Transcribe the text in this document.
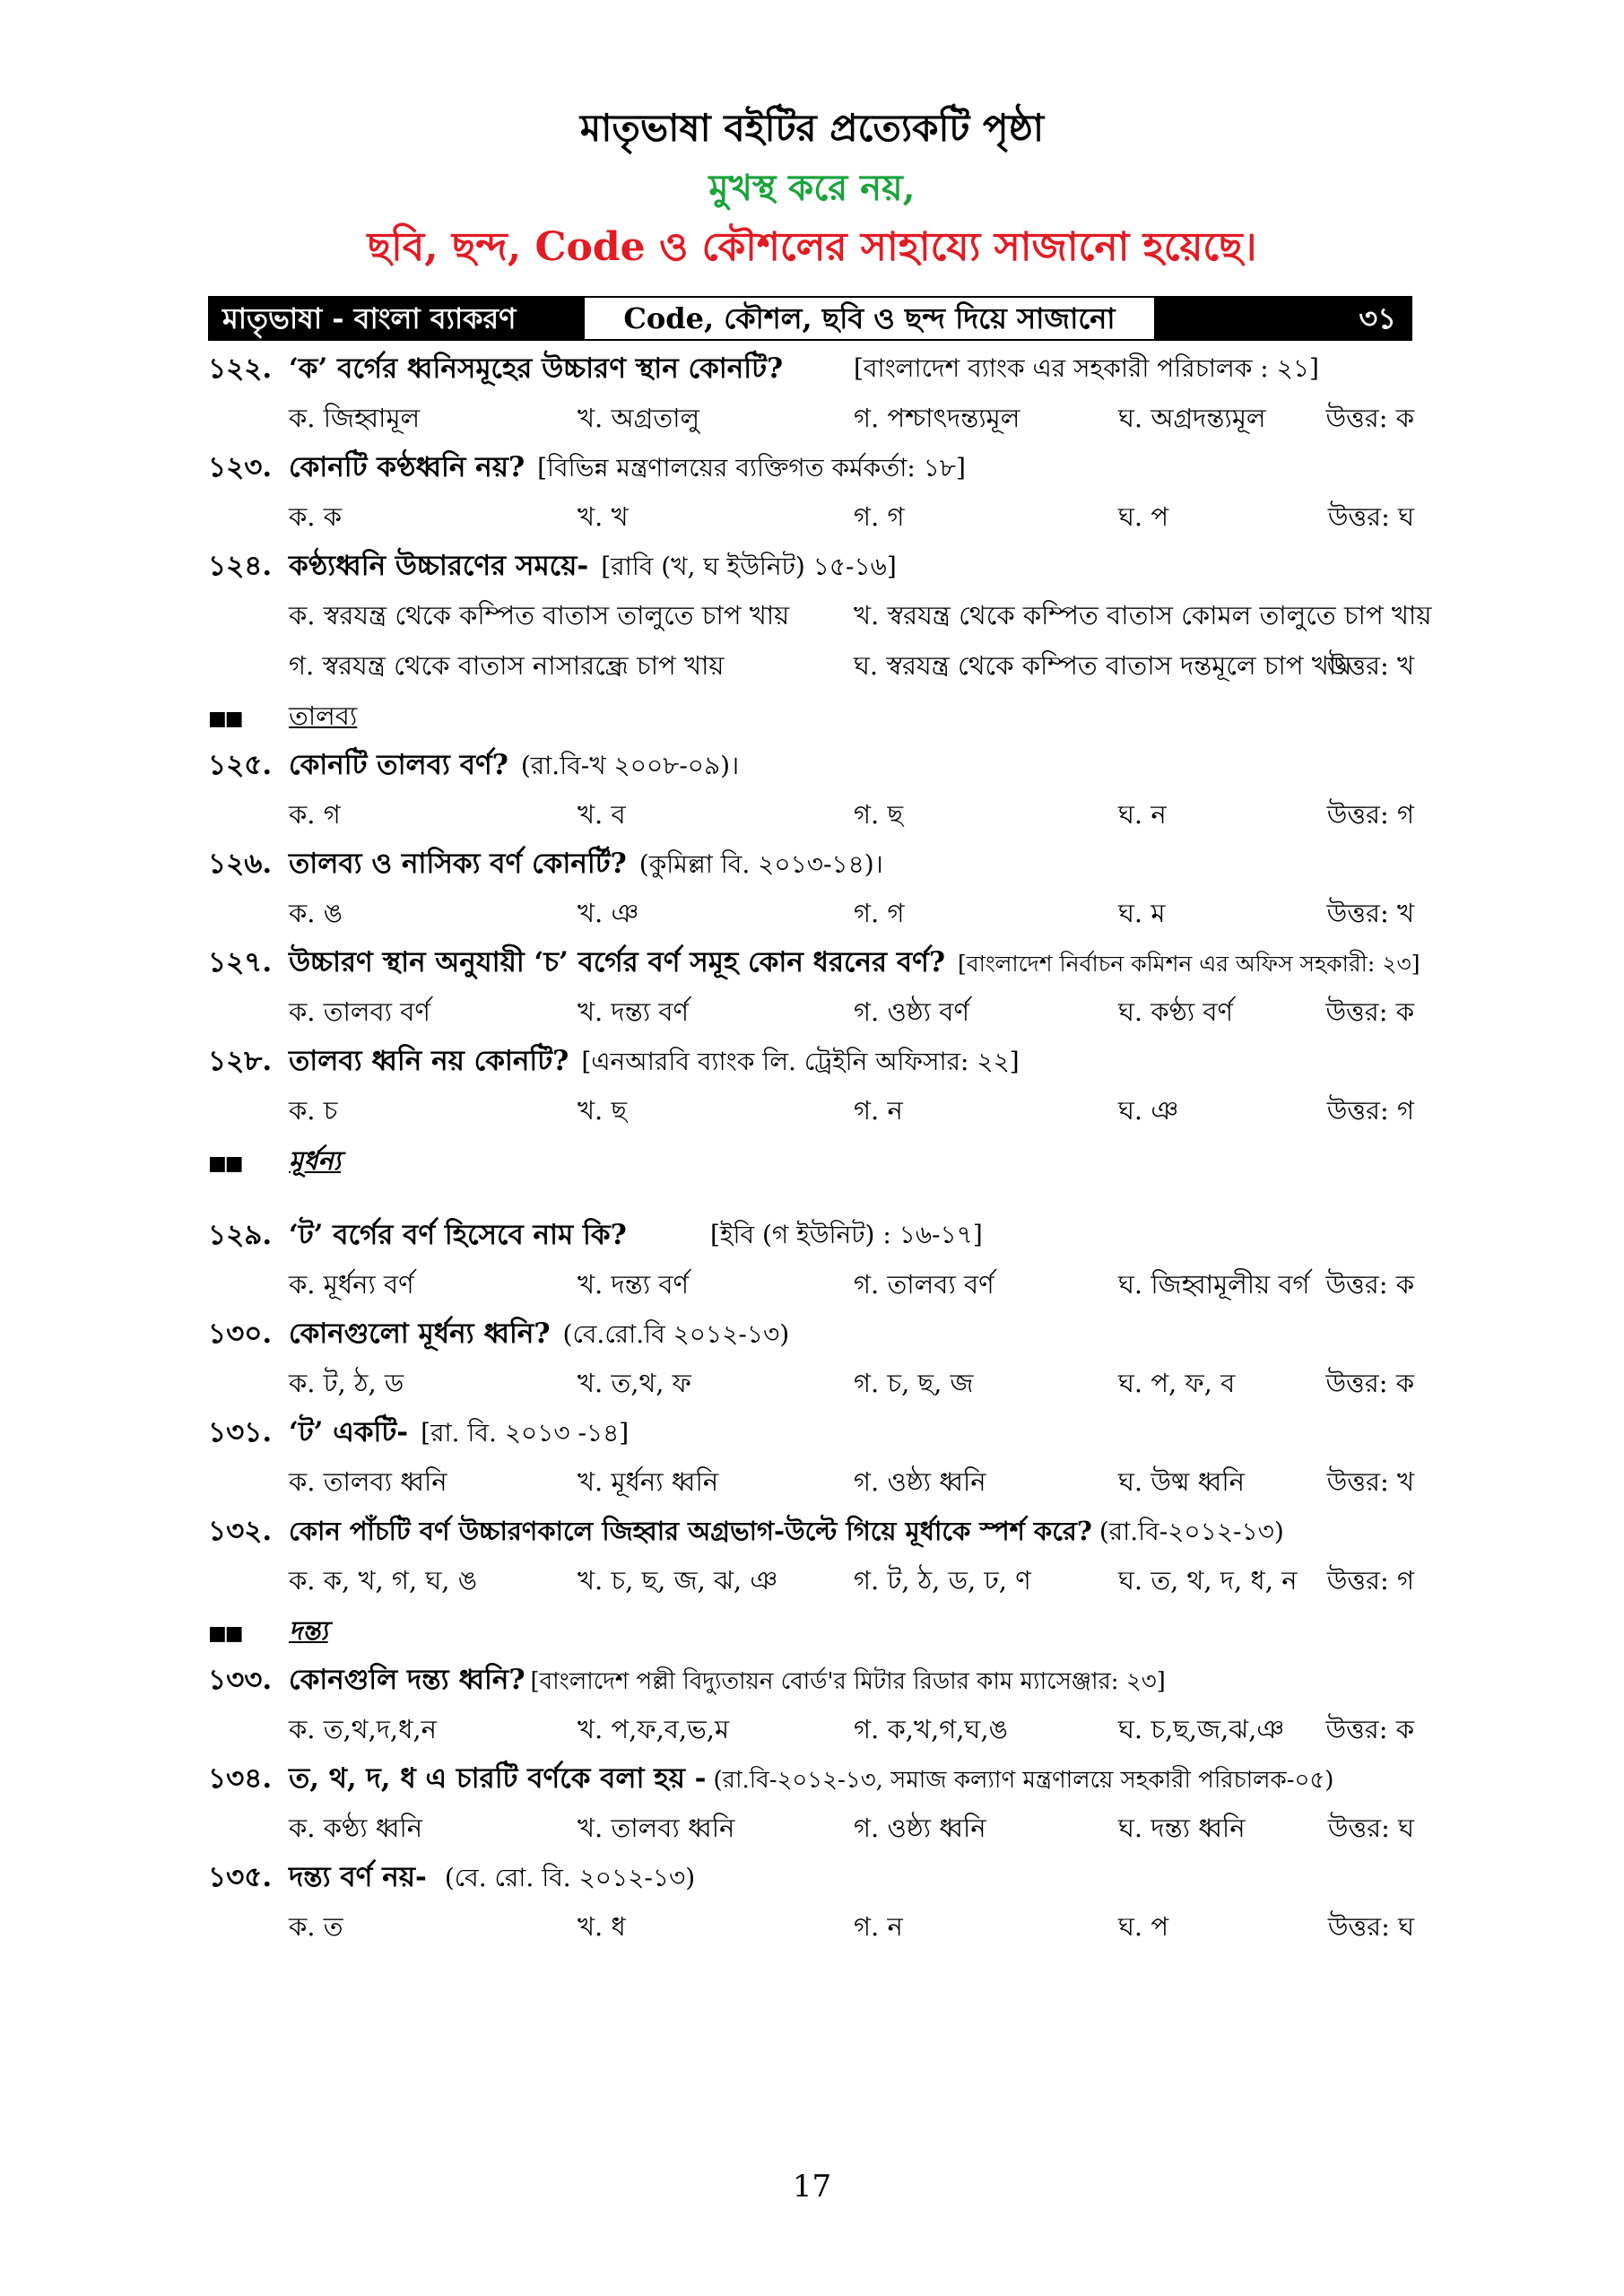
মাতৃভাষা বইটির প্রত্যেকটি পৃষ্ঠা
মুখস্থ করে নয়,
ছবি, ছন্দ, Code ও কৌশলের সাহায্যে সাজানো হয়েছে।
মাতৃভাষা - বাংলা ব্যাকরণ	Code, কৌশল, ছবি ও ছন্দ দিয়ে সাজানো	৩১
১২২. ‘ক’ বর্গের ধ্বনিসমূহের উচ্চারণ স্থান কোনটি?	[বাংলাদেশ ব্যাংক এর সহকারী পরিচালক : ২১]
ক. জিহ্বামূল	খ. অগ্রতালু	গ. পশ্চাৎদন্ত্যমূল	ঘ. অগ্রদন্ত্যমূল উত্তর: ক
১২৩. কোনটি কণ্ঠধ্বনি নয়? [বিভিন্ন মন্ত্রণালয়ের ব্যক্তিগত কর্মকর্তা: ১৮]
ক. ক	খ. খ	গ. গ	ঘ. প	উত্তর: ঘ
১২৪. কণ্ঠ্যধ্বনি উচ্চারণের সময়ে- [রাবি (খ, ঘ ইউনিট) ১৫-১৬]
ক. স্বরযন্ত্র থেকে কম্পিত বাতাস তালুতে চাপ খায় খ. স্বরযন্ত্র থেকে কম্পিত বাতাস কোমল তালুতে চাপ খায়
গ. স্বরযন্ত্র থেকে বাতাস নাসারন্ধ্রে চাপ খায়	ঘ. স্বরযন্ত্র থেকে কম্পিত বাতাস দন্তমূলে চাপ খায়
উত্তর: খ
■■ তালব্য
১২৫. কোনটি তালব্য বর্ণ? (রা.বি-খ ২০০৮-০৯)।
ক. গ	খ. ব	গ. ছ	ঘ. ন	উত্তর: গ
১২৬. তালব্য ও নাসিক্য বর্ণ কোনর্টি? (কুমিল্লা বি. ২০১৩-১৪)।
ক. ঙ	খ. ঞ	গ. গ	ঘ. ম	উত্তর: খ
১২৭. উচ্চারণ স্থান অনুযায়ী ‘চ’ বর্গের বর্ণ সমূহ কোন ধরনের বর্ণ? [বাংলাদেশ নির্বাচন কমিশন এর অফিস সহকারী: ২৩]
ক. তালব্য বর্ণ	খ. দন্ত্য বর্ণ	গ. ওষ্ঠ্য বর্ণ	ঘ. কণ্ঠ্য বর্ণ	উত্তর: ক
১২৮. তালব্য ধ্বনি নয় কোনটি? [এনআরবি ব্যাংক লি. ট্রেইনি অফিসার: ২২]
ক. চ	খ. ছ	গ. ন	ঘ. ঞ	উত্তর: গ
■■ মূর্ধন্য
১২৯. ‘ট’ বর্গের বর্ণ হিসেবে নাম কি?	[ইবি (গ ইউনিট) : ১৬-১৭]
ক. মূর্ধন্য বর্ণ	খ. দন্ত্য বর্ণ	গ. তালব্য বর্ণ	ঘ. জিহ্বামূলীয় বর্গ উত্তর: ক
১৩০. কোনগুলো মূর্ধন্য ধ্বনি? (বে.রো.বি ২০১২-১৩)
ক. ট, ঠ, ড	খ. ত,থ, ফ	গ. চ, ছ, জ	ঘ. প, ফ, ব	উত্তর: ক
১৩১. ‘ট’ একটি- [রা. বি. ২০১৩ -১৪]
ক. তালব্য ধ্বনি	খ. মূর্ধন্য ধ্বনি	গ. ওষ্ঠ্য ধ্বনি	ঘ. উষ্ম ধ্বনি	উত্তর: খ
১৩২. কোন পাঁচটি বর্ণ উচ্চারণকালে জিহ্বার অগ্রভাগ-উল্টে গিয়ে মূর্ধাকে স্পর্শ করে? (রা.বি-২০১২-১৩)
ক. ক, খ, গ, ঘ, ঙ	খ. চ, ছ, জ, ঝ, ঞ	গ. ট, ঠ, ড, ঢ, ণ	ঘ. ত, থ, দ, ধ, ন উত্তর: গ
■■ দন্ত্য
১৩৩. কোনগুলি দন্ত্য ধ্বনি? [বাংলাদেশ পল্লী বিদ্যুতায়ন বোর্ড'র মিটার রিডার কাম ম্যাসেঞ্জার: ২৩]
ক. ত,থ,দ,ধ,ন	খ. প,ফ,ব,ভ,ম	গ. ক,খ,গ,ঘ,ঙ	ঘ. চ,ছ,জ,ঝ,ঞ উত্তর: ক
১৩৪. ত, থ, দ, ধ এ চারটি বর্ণকে বলা হয় - (রা.বি-২০১২-১৩, সমাজ কল্যাণ মন্ত্রণালয়ে সহকারী পরিচালক-০৫)
ক. কণ্ঠ্য ধ্বনি	খ. তালব্য ধ্বনি	গ. ওষ্ঠ্য ধ্বনি	ঘ. দন্ত্য ধ্বনি	উত্তর: ঘ
১৩৫. দন্ত্য বর্ণ নয়- (বে. রো. বি. ২০১২-১৩)
ক. ত	খ. ধ	গ. ন	ঘ. প	উত্তর: ঘ
17
